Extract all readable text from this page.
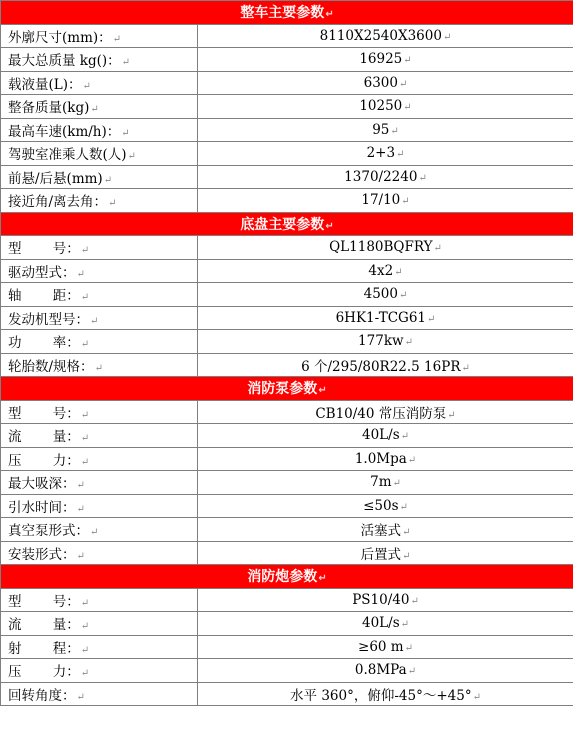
整车主要参数↵	
外廓尺寸(mm)：↵	8110X2540X3600↵
最大总质量 kg()：↵	16925↵
载液量(L)：↵	6300↵
整备质量(kg)↵	10250↵
最高车速(km/h)：↵	95↵
驾驶室准乘人数(人)↵	2+3↵
前悬/后悬(mm)↵	1370/2240↵
接近角/离去角：↵	17/10↵
底盘主要参数↵	
型　　 号：↵	QL1180BQFRY↵
驱动型式：↵	4x2↵
轴　　 距：↵	4500↵
发动机型号：↵	6HK1-TCG61↵
功　　 率：↵	177kw↵
轮胎数/规格：↵	6 个/295/80R22.5 16PR↵
消防泵参数↵	
型　　 号：↵	CB10/40 常压消防泵↵
流　　 量：↵	40L/s↵
压　　 力：↵	1.0Mpa↵
最大吸深：↵	7m↵
引水时间：↵	≤50s↵
真空泵形式：↵	活塞式↵
安装形式：↵	后置式↵
消防炮参数↵	
型　　 号：↵	PS10/40↵
流　　 量：↵	40L/s↵
射　　 程：↵	≥60 m↵
压　　 力：↵	0.8MPa↵
回转角度：↵	水平 360°，俯仰-45°～+45°↵
